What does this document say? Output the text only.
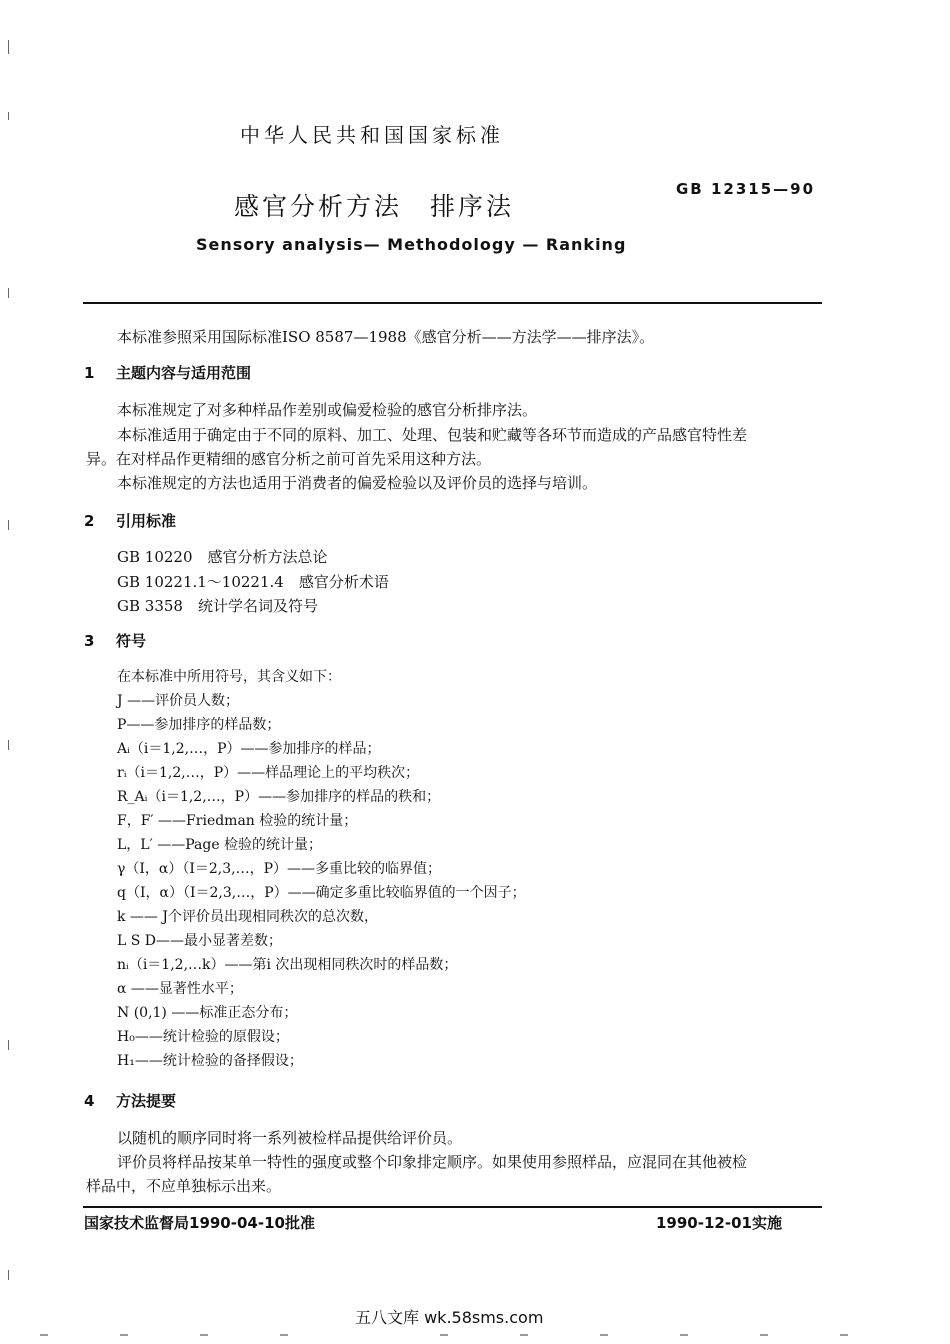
中华人民共和国国家标准
感官分析方法　排序法
GB 12315—90
Sensory analysis— Methodology — Ranking
本标准参照采用国际标准ISO 8587—1988《感官分析——方法学——排序法》。
1 主题内容与适用范围
本标准规定了对多种样品作差别或偏爱检验的感官分析排序法。
本标准适用于确定由于不同的原料、加工、处理、包装和贮藏等各环节而造成的产品感官特性差
异。在对样品作更精细的感官分析之前可首先采用这种方法。
本标准规定的方法也适用于消费者的偏爱检验以及评价员的选择与培训。
2 引用标准
GB 10220　感官分析方法总论
GB 10221.1～10221.4　感官分析术语
GB 3358　统计学名词及符号
3 符号
在本标准中所用符号，其含义如下：
J ——评价员人数；
P——参加排序的样品数；
Aᵢ（i＝1,2,…，P）——参加排序的样品；
rᵢ（i＝1,2,…，P）——样品理论上的平均秩次；
R_Aᵢ（i＝1,2,…，P）——参加排序的样品的秩和；
F，F′ ——Friedman 检验的统计量；
L，L′ ——Page 检验的统计量；
γ（I，α）（I＝2,3,…，P）——多重比较的临界值；
q（I，α）（I＝2,3,…，P）——确定多重比较临界值的一个因子；
k —— J个评价员出现相同秩次的总次数，
L S D——最小显著差数；
nᵢ（i＝1,2,…k）——第i 次出现相同秩次时的样品数；
α ——显著性水平；
N (0,1) ——标准正态分布；
H₀——统计检验的原假设；
H₁——统计检验的备择假设；
4 方法提要
以随机的顺序同时将一系列被检样品提供给评价员。
评价员将样品按某单一特性的强度或整个印象排定顺序。如果使用参照样品，应混同在其他被检
样品中，不应单独标示出来。
国家技术监督局1990-04-10批准	1990-12-01实施
五八文库 wk.58sms.com
